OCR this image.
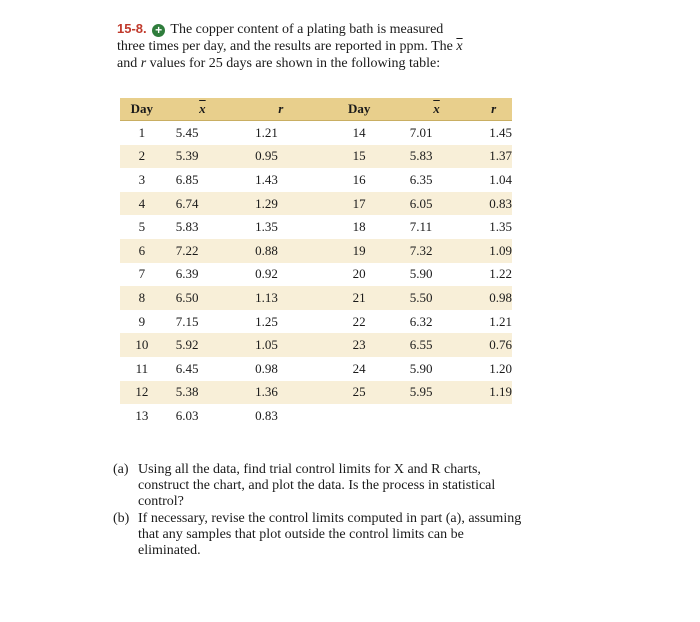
15-8. + The copper content of a plating bath is measured
three times per day, and the results are reported in ppm. The $\overline{x}$
and r values for 25 days are shown in the following table:
Day	$\overline{x}$	r	Day	$\overline{x}$	r
1	5.45	1.21	14	7.01	1.45
2	5.39	0.95	15	5.83	1.37
3	6.85	1.43	16	6.35	1.04
4	6.74	1.29	17	6.05	0.83
5	5.83	1.35	18	7.11	1.35
6	7.22	0.88	19	7.32	1.09
7	6.39	0.92	20	5.90	1.22
8	6.50	1.13	21	5.50	0.98
9	7.15	1.25	22	6.32	1.21
10	5.92	1.05	23	6.55	0.76
11	6.45	0.98	24	5.90	1.20
12	5.38	1.36	25	5.95	1.19
13	6.03	0.83			
(a) Using all the data, find trial control limits for X and R charts, construct the chart, and plot the data. Is the process in statistical control?
(b) If necessary, revise the control limits computed in part (a), assuming that any samples that plot outside the control limits can be eliminated.
